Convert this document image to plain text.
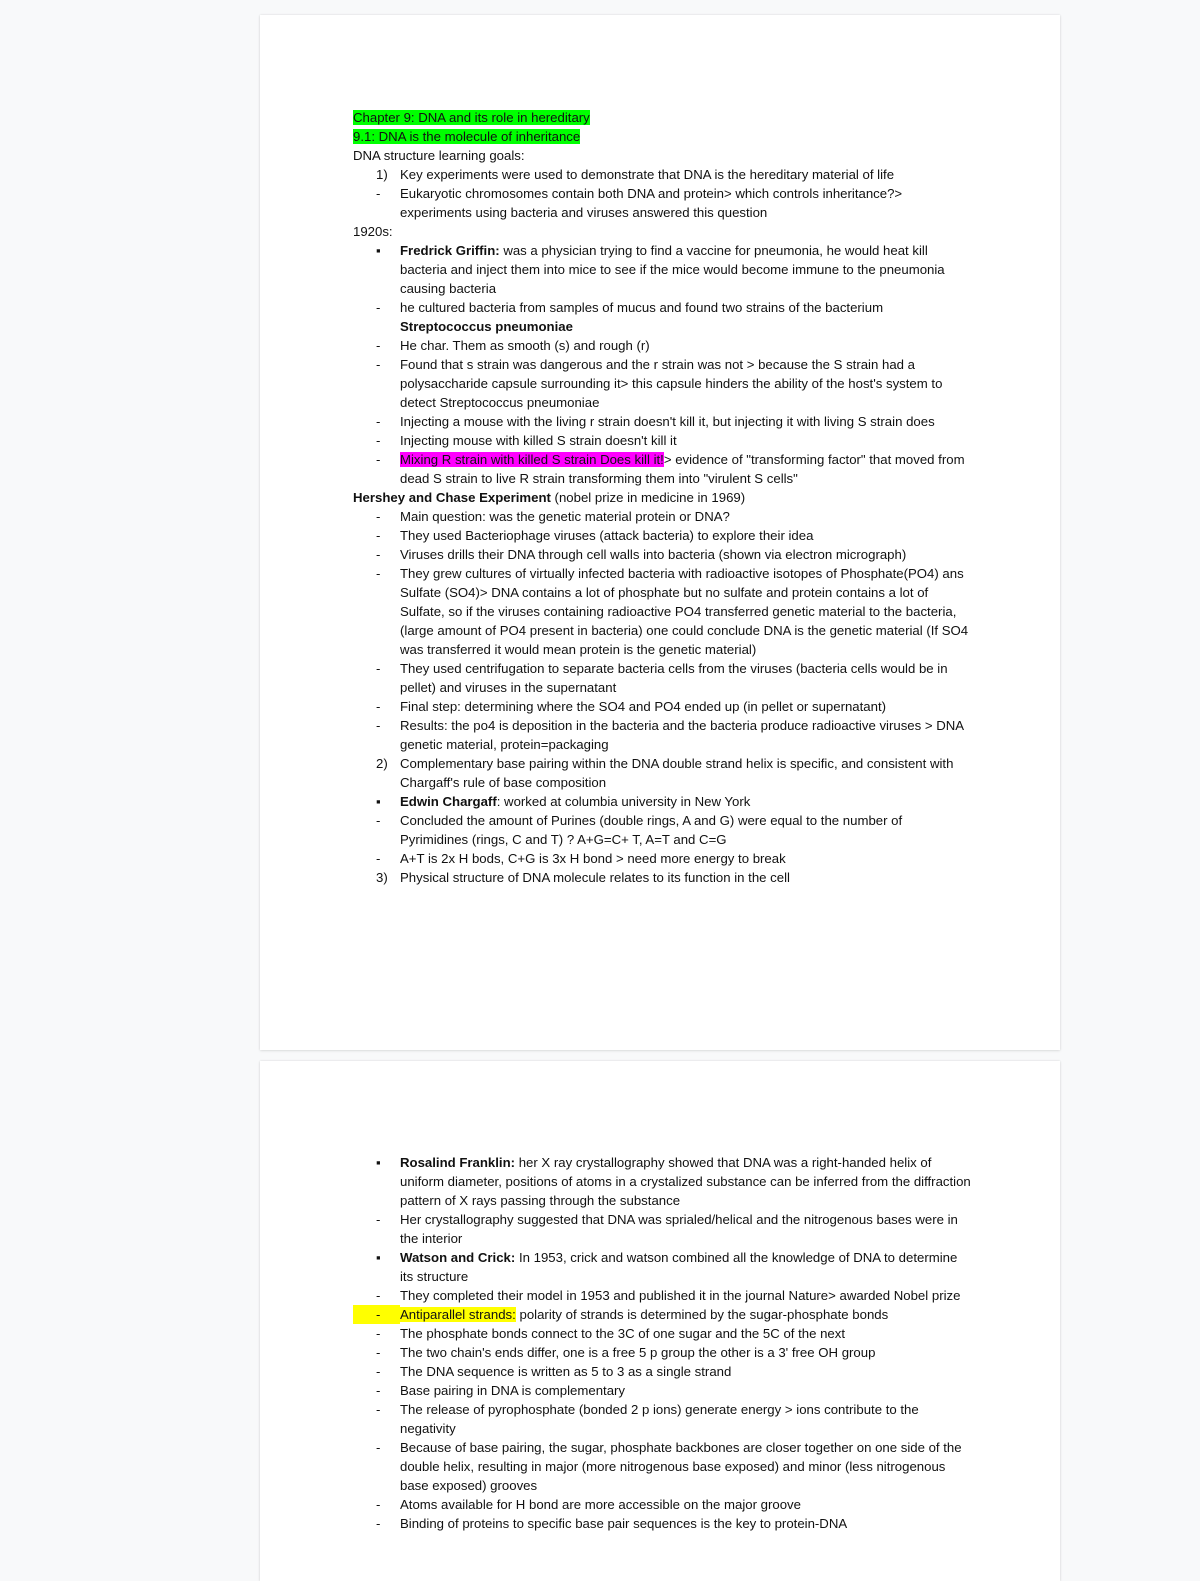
Chapter 9: DNA and its role in hereditary

9.1: DNA is the molecule of inheritance

DNA structure learning goals:

1) Key experiments were used to demonstrate that DNA is the hereditary material of life
-	Eukaryotic chromosomes contain both DNA and protein> which controls inheritance?> experiments using bacteria and viruses answered this question

1920s:

▪	Fredrick Griffin: was a physician trying to find a vaccine for pneumonia, he would heat kill bacteria and inject them into mice to see if the mice would become immune to the pneumonia causing bacteria
-	he cultured bacteria from samples of mucus and found two strains of the bacterium Streptococcus pneumoniae
-	He char. Them as smooth (s) and rough (r)
-	Found that s strain was dangerous and the r strain was not > because the S strain had a polysaccharide capsule surrounding it> this capsule hinders the ability of the host's system to detect Streptococcus pneumoniae
-	Injecting a mouse with the living r strain doesn't kill it, but injecting it with living S strain does
-	Injecting mouse with killed S strain doesn't kill it
-	Mixing R strain with killed S strain Does kill it!> evidence of "transforming factor" that moved from dead S strain to live R strain transforming them into "virulent S cells"

Hershey and Chase Experiment (nobel prize in medicine in 1969)

-	Main question: was the genetic material protein or DNA?
-	They used Bacteriophage viruses (attack bacteria) to explore their idea
-	Viruses drills their DNA through cell walls into bacteria (shown via electron micrograph)
-	They grew cultures of virtually infected bacteria with radioactive isotopes of Phosphate(PO4) ans Sulfate (SO4)> DNA contains a lot of phosphate but no sulfate and protein contains a lot of Sulfate, so if the viruses containing radioactive PO4 transferred genetic material to the bacteria, (large amount of PO4 present in bacteria) one could conclude DNA is the genetic material (If SO4 was transferred it would mean protein is the genetic material)
-	They used centrifugation to separate bacteria cells from the viruses (bacteria cells would be in pellet) and viruses in the supernatant
-	Final step: determining where the SO4 and PO4 ended up (in pellet or supernatant)
-	Results: the po4 is deposition in the bacteria and the bacteria produce radioactive viruses > DNA genetic material, protein=packaging
2) Complementary base pairing within the DNA double strand helix is specific, and consistent with Chargaff's rule of base composition
▪	Edwin Chargaff: worked at columbia university in New York
-	Concluded the amount of Purines (double rings, A and G) were equal to the number of Pyrimidines (rings, C and T) ? A+G=C+ T, A=T and C=G
-	A+T is 2x H bods, C+G is 3x H bond > need more energy to break
3) Physical structure of DNA molecule relates to its function in the cell
▪	Rosalind Franklin: her X ray crystallography showed that DNA was a right-handed helix of uniform diameter, positions of atoms in a crystalized substance can be inferred from the diffraction pattern of X rays passing through the substance
-	Her crystallography suggested that DNA was sprialed/helical and the nitrogenous bases were in the interior
▪	Watson and Crick: In 1953, crick and watson combined all the knowledge of DNA to determine its structure
-	They completed their model in 1953 and published it in the journal Nature> awarded Nobel prize
-	Antiparallel strands: polarity of strands is determined by the sugar-phosphate bonds
-	The phosphate bonds connect to the 3C of one sugar and the 5C of the next
-	The two chain's ends differ, one is a free 5 p group the other is a 3' free OH group
-	The DNA sequence is written as 5 to 3 as a single strand
-	Base pairing in DNA is complementary
-	The release of pyrophosphate (bonded 2 p ions) generate energy > ions contribute to the negativity
-	Because of base pairing, the sugar, phosphate backbones are closer together on one side of the double helix, resulting in major (more nitrogenous base exposed) and minor (less nitrogenous base exposed) grooves
-	Atoms available for H bond are more accessible on the major groove
-	Binding of proteins to specific base pair sequences is the key to protein-DNA
